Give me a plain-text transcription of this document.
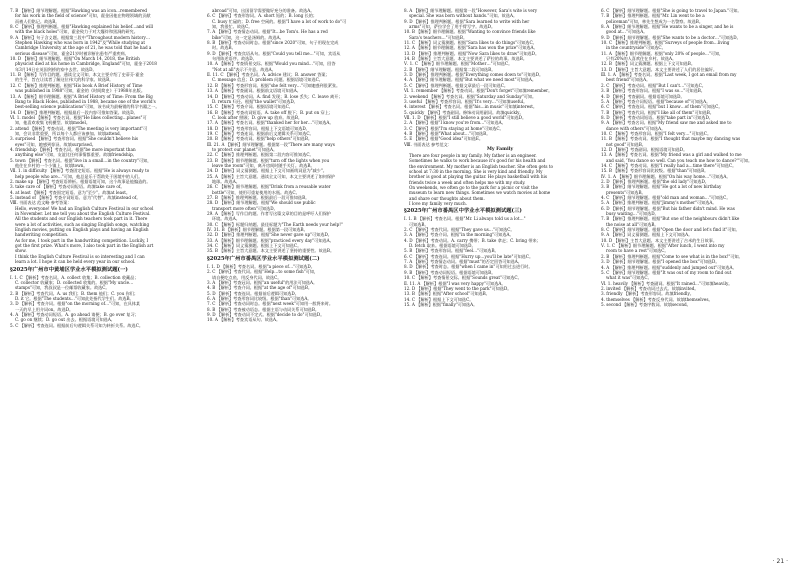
7. B 【解析】细节理解题。根据"Hawking was an icon…remembered
for his work in the field of science"可知，霍金因他在物理领域的贡献
而被人们铭记。故选B。
8. C 【解析】推理判断题。根据"Hawking explained his belief…and will
with the black holes"可知，霍金致力于对大爆炸和黑洞的研究。
9. A 【解析】句子含义题。根据第三段中"Throughout modern history…
Stephen Hawking who was born in 1942"及"While studying at
Cambridge University at the age of 21, he was told that he had a
serious disease"可知，霍金21岁时被诊断出患有严重疾病。
10. D 【解析】细节理解题。根据"On March 14, 2018, the British
physicist died at his home in Cambridge, England"可知，霍金于2018
年3月14日在英国剑桥的家中去世。故选D。
11. B 【解析】写作目的题。通读全文可知，本文主要介绍了史蒂芬·霍金
的生平，旨在让读者了解这位伟大的科学家。故选B。
12. C 【解析】推理判断题。根据"His book A Brief History of Time
was published in 1988"可知，霍金的《时间简史》于1988年出版。
13. A 【解析】细节理解题。根据"A Brief History of Time: From the Big
Bang to Black Holes, published in 1988, became one of the world's
best-selling science publications"可知，该书成为最畅销的科学书籍之一。
14. D 【解析】推理判断题。根据最后一段内容可推知答案。故选D。
Ⅵ. 1. model 【解析】考查名词。根据"He likes collecting…planes"可
知，他喜欢收集飞机模型。故填model。
2. attend 【解析】考查动词。根据"The meeting is very important"可
知，会议非常重要，所以每个人都应该参加。故填attend。
3. surprised 【解析】考查形容词。根据"She couldn't believe his
eyes"可知，她感到惊讶。故填surprised。
4. friendship 【解析】考查名词。根据"be more important than
anything else"可知，友谊比任何事情都重要。故填friendship。
5. town 【解析】考查名词。根据"live in a small…in the country"可知，
他住在乡村的一个小镇上。故填town。
Ⅶ. 1. in difficulty 【解析】考查固定短语。根据"He is always ready to
help people who are…"可知，他总是乐于帮助处于困境中的人们。
2. make up 【解析】考查短语辨析。根据语境可知，这个故事是他编造的。
3. take care of 【解析】考查动词短语。故填take care of。
4. at least 【解析】考查固定短语。意为"至少"。故填at least。
5. instead of 【解析】考查介词短语。意为"代替"。故填instead of。
Ⅷ. 书面表达 范文略 参考答案：
Hello, everyone! We had an English Culture Festival in our school
in November. Let me tell you about the English Culture Festival.
All the students and our English teachers took part in it. There
were a lot of activities, such as singing English songs, watching
English movies, putting on English plays and having an English
handwriting competition.
As for me, I took part in the handwriting competition. Luckily, I
got the first prize. What's more, I also took part in the English art
show.
I think the English Culture Festival is so interesting and I can
learn a lot. I hope it can be held every year in our school.
§2025年广州市中黄埔区学业水平模拟测试题(一)
Ⅰ. 1. C 【解析】考查名词。A. collect 收集；B. collection 收藏品；
C. collector 收藏家；D. collected 收集的。根据"My uncle…
stamps"可知，我叔叔是一位邮票收藏家。故选C。
2. B 【解析】考查代词。A. us 我们；B. them 他们；C. you 你们；
D. it 它。根据"The students…"可知此处指代学生们。故选B。
3. D 【解析】考查介词。根据"on the morning of…"可知，在具体某
一天的早上用介词on。故选D。
4. A 【解析】考查动词短语。A. go ahead 请便；B. go over 复习；
C. go on 继续；D. go out 出去。根据语境可知选A。
5. C 【解析】考查连词。根据前后句逻辑关系可知为转折关系。故选C。
abroad"可知，出国留学需要做好充分的准备。故选A。
6. C 【解析】考查形容词。A. short 短的；B. long 长的；
C. busy 忙碌的；D. free 空闲的。根据"I have a lot of work to do"可
知，我很忙。故选C。
7. A 【解析】考查情态动词。根据"It…be Tom's. He has a red
bike"可知，这一定是汤姆的。故选A。
8. B 【解析】考查动词时态。根据"since 2020"可知，句子用现在完成
时。故选B。
9. D 【解析】考查宾语从句。根据"Could you tell me…"可知，宾语从
句用陈述语序。故选D。
10. A 【解析】考查情景交际。根据"Would you mind…"可知，回答
"Not at all"表示不介意。故选A。
Ⅱ. 11. C 【解析】考查名词。A. advice 建议；B. answer 答案；
C. message 信息；D. problem 问题。根据语境可知选C。
12. B 【解析】考查形容词。根据"she felt very…"可知她感到很紧张。
13. A 【解析】考查副词。根据前文语境可知选A。
14. D 【解析】考查动词。A. find 发现；B. lose 丢失；C. leave 离开；
D. return 归还。根据"the wallet"可知选D。
15. C 【解析】考查介词。根据语境可知选C。
16. B 【解析】考查动词短语。A. take off 脱下；B. put on 穿上；
C. look after 照顾；D. give up 放弃。故选B。
17. A 【解析】考查名词。根据"thanked her for her…"可知选A。
18. D 【解析】考查形容词。根据上下文语境可知选D。
19. C 【解析】考查连词。根据前后文逻辑关系可知选C。
20. B 【解析】考查动词。根据"help others"可知选B。
Ⅲ. 21. A 【解析】细节理解题。根据第一段"There are many ways
to protect our planet"可知选A。
22. C 【解析】推理判断题。根据第二段内容可推知选C。
23. B 【解析】细节理解题。根据"turn off the lights when you
leave the room"可知，离开房间时随手关灯。故选B。
24. D 【解析】词义猜测题。根据上下文可知画线词意为"减少"。
25. A 【解析】主旨大意题。通读全文可知，本文主要讲述了如何保护
地球。故选A。
26. C 【解析】细节理解题。根据"Drink from a reusable water
bottle"可知，使用可重复使用的水瓶。故选C。
27. B 【解析】推理判断题。根据最后一段可推知选B。
28. D 【解析】细节理解题。根据"We should use public
transport more often"可知选D。
29. A 【解析】写作目的题。作者写这篇文章的目的是呼吁人们保护
环境。故选A。
30. C 【解析】标题归纳题。最佳标题为"The Earth needs your help!"
Ⅳ. 31. B 【解析】细节理解题。根据第一段可知选B。
32. D 【解析】推理判断题。根据"She never gave up"可知选D。
33. A 【解析】细节理解题。根据"practiced every day"可知选A。
34. C 【解析】词义猜测题。根据上下文可知选C。
35. B 【解析】主旨大意题。本文主要讲述了坚持的重要性。故选B。
§2025年广州市番禺区学业水平模拟测试题(二)
Ⅰ. 1. D 【解析】考查名词。根据"a piece of…"可知选D。
2. C 【解析】考查代词。根据"Help…to some fish"可知，
请自便吃点鱼，用反身代词。故选C。
3. A 【解析】考查冠词。根据"an useful"的用法可知选A。
4. B 【解析】考查介词。根据"at the age of"可知选B。
5. D 【解析】考查连词。根据前后逻辑可知选D。
6. A 【解析】考查形容词比较级。根据"than"可知选A。
7. C 【解析】考查动词时态。根据"next week"可知用一般将来时。
8. B 【解析】考查被动语态。根据主语与动词关系可知选B。
9. D 【解析】考查动词不定式。根据"decide to do"可知选D。
10. A 【解析】考查宾语从句。故选A。
8. A 【解析】细节理解题。根据第一段"However, Sara's wite is very
special. She was born without hands."可知。故选A。
9. D 【解析】推理判断题。根据"Sara learned to write with her
arms"可知，萨拉学会了用手臂写字。故选D。
10. B 【解析】细节理解题。根据"Wanting to convince friends like
Sara's teachers…"可知选B。
11. C 【解析】词义猜测题。根据"Sara likes to do things"可知选C。
12. A 【解析】细节理解题。根据"Sara has won the prize"可知选A。
13. D 【解析】推理判断题。根据"Now Sara likes to draw"可知选D。
14. B 【解析】主旨大意题。本文主要讲述了萨拉的故事。故选B。
Ⅴ. 1. C 【解析】细节理解题。根据"Mother…"可知选C。
2. B 【解析】细节理解题。根据第二段可知选B。
3. D 【解析】推理判断题。根据"Everything comes down to"可知选D。
4. A 【解析】细节理解题。根据"But what we need most"可知选A。
5. C 【解析】推理判断题。根据文章最后一段可知选C。
Ⅵ. 1. remember 【解析】考查动词。根据"Don't forget"可知填remember。
2. weekend 【解析】考查名词。根据"Saturday and Sunday"可知。
3. useful 【解析】考查形容词。根据"It's very…"可知填useful。
4. interest 【解析】考查名词。根据"his…in music"可知填interest。
5. quickly 【解析】考查副词。修饰动词用副词。故填quickly。
Ⅶ. 1. D 【解析】根据"I still believe a good world"可知选D。
2. A 【解析】根据"I know you're from…"可知选A。
3. C 【解析】根据"I'm staying at home"可知选C。
4. B 【解析】根据"What about…"可知选B。
5. E 【解析】根据"Good idea"可知选E。
Ⅷ. 书面表达 参考范文：
My Family
There are four people in my family. My father is an engineer.
Sometimes he walks to work because it's good for his health and
the environment. My mother is an English teacher. She often gets to
school at 7:30 in the morning. She is very kind and friendly. My
brother is good at playing the guitar. He plays basketball with his
friends twice a week and often helps me with my study.
On weekends, we often go to the park for a picnic or visit the
museum to learn new things. Sometimes we watch movies at home
and share our thoughts about them.
I love my family very much.
§2025年广州市番禺区中学业水平模拟测试题(三)
Ⅰ. 1. B 【解析】考查名词。根据"Mr. Li always told us a lot…"
可知选B。
2. C 【解析】考查代词。根据"They gave us…"可知选C。
3. A 【解析】考查介词。根据"in the morning"可知选A。
4. D 【解析】考查动词。A. carry 携带；B. take 拿走；C. bring 带来；
D. fetch 取来。根据语境可知选D。
5. B 【解析】考查形容词。根据"feel…"可知选B。
6. C 【解析】考查连词。根据"Hurry up…you'll be late"可知选C。
7. A 【解析】考查情态动词。根据"must"的否定回答可知选A。
8. D 【解析】考查时态。根据"when I came in"可知用过去进行时。
9. B 【解析】考查动词短语。根据语境可知选B。
10. C 【解析】考查情景交际。根据"Sounds great"可知选C。
Ⅱ. 11. A 【解析】根据"I was very happy"可知选A。
12. D 【解析】根据"They went to the park"可知选D。
13. B 【解析】根据"After school"可知选B。
14. C 【解析】根据上下文可知选C。
15. A 【解析】根据"finally"可知选A。
6. C 【解析】细节理解题。根据"She is going to travel to Japan."可知。
7. B 【解析】推理判断题。根据"Mr. Lin went to be a
policeman"可知，林先生想成为一名警察。故选B。
8. A 【解析】细节理解题。根据"He wants to be a singer, and he is
good at…"可知选A。
9. D 【解析】细节理解题。根据"She wants to be a doctor…"可知选D。
10. C 【解析】推理判断题。根据"Surveys of people from…living
in the countryside"可知选C。
11. A 【解析】细节理解题。根据"only 20% of people…"可知，
只有20%的人喜欢住在乡村。故选A。
12. B 【解析】词义猜测题。根据上下文可知选B。
13. D 【解析】主旨大意题。本文主要讲述了人们的居住偏好。
Ⅲ. 1. A 【解析】考查名词。根据"Last week, I got an email from my
best friend"可知选A。
2. C 【解析】考查动词。根据"But I can't…"可知选C。
3. B 【解析】考查形容词。根据"I was so…"可知选B。
4. D 【解析】考查副词。根据语境可知选D。
5. A 【解析】考查介词短语。根据"because of"可知选A。
6. C 【解析】考查连词。根据"but I know…of them"可知选C。
7. B 【解析】考查代词。根据"I like all of them"可知选B。
8. D 【解析】考查动词短语。根据"take part in"可知选D。
9. A 【解析】考查名词。根据"My friend saw me and asked me to
dance with others"可知选A。
10. C 【解析】考查形容词。根据"I felt very…"可知选C。
11. B 【解析】考查动词。根据"I thought that maybe my dancing was
not good"可知选B。
12. D 【解析】考查副词。根据语境可知选D。
13. A 【解析】考查名词。根据"My friend was a girl and walked to me
and said, 'You dance so well. Can you teach me how to dance?'"可知。
14. C 【解析】考查动词。根据"I really had a…time there"可知选C。
15. B 【解析】考查形容词比较级。根据"than"可知选B。
Ⅳ. 1. A 【解析】细节理解题。根据"On his way home…"可知选A。
2. D 【解析】推理判断题。根据"the old lady"可知选D。
3. B 【解析】细节理解题。根据"He got a lot of new birthday
presents"可知选B。
4. C 【解析】细节理解题。根据"old man and woman…"可知选C。
5. A 【解析】推理判断题。根据"Jimmy's mother"可知选A。
6. D 【解析】细节理解题。根据"But his father didn't mind. He was
busy waiting…"可知选D。
7. B 【解析】推理判断题。根据"But one of the neighbours didn't like
the noise at all"可知选B。
8. C 【解析】细节理解题。根据"Open the door and let's find it"可知。
9. A 【解析】词义猜测题。根据上下文可知选A。
10. D 【解析】主旨大意题。本文主要讲述了吉米的生日故事。
Ⅴ. 1. C 【解析】细节理解题。根据"After lunch, I went into my
room to have a rest"可知选C。
2. B 【解析】推理判断题。根据"Come to see what is in the box!"可知。
3. D 【解析】细节理解题。根据"I opened the box"可知选D。
4. A 【解析】推理判断题。根据"suddenly and jumped out"可知选A。
5. C 【解析】细节理解题。根据"It was out of my room to find out
what it was"可知选C。
Ⅵ. 1. heavily 【解析】考查副词。根据"It rained…"可知填heavily。
2. invited 【解析】考查动词过去式。故填invited。
3. friendly 【解析】考查形容词。故填friendly。
4. themselves 【解析】考查反身代词。故填themselves。
5. second 【解析】考查序数词。故填second。
· 21 ·
